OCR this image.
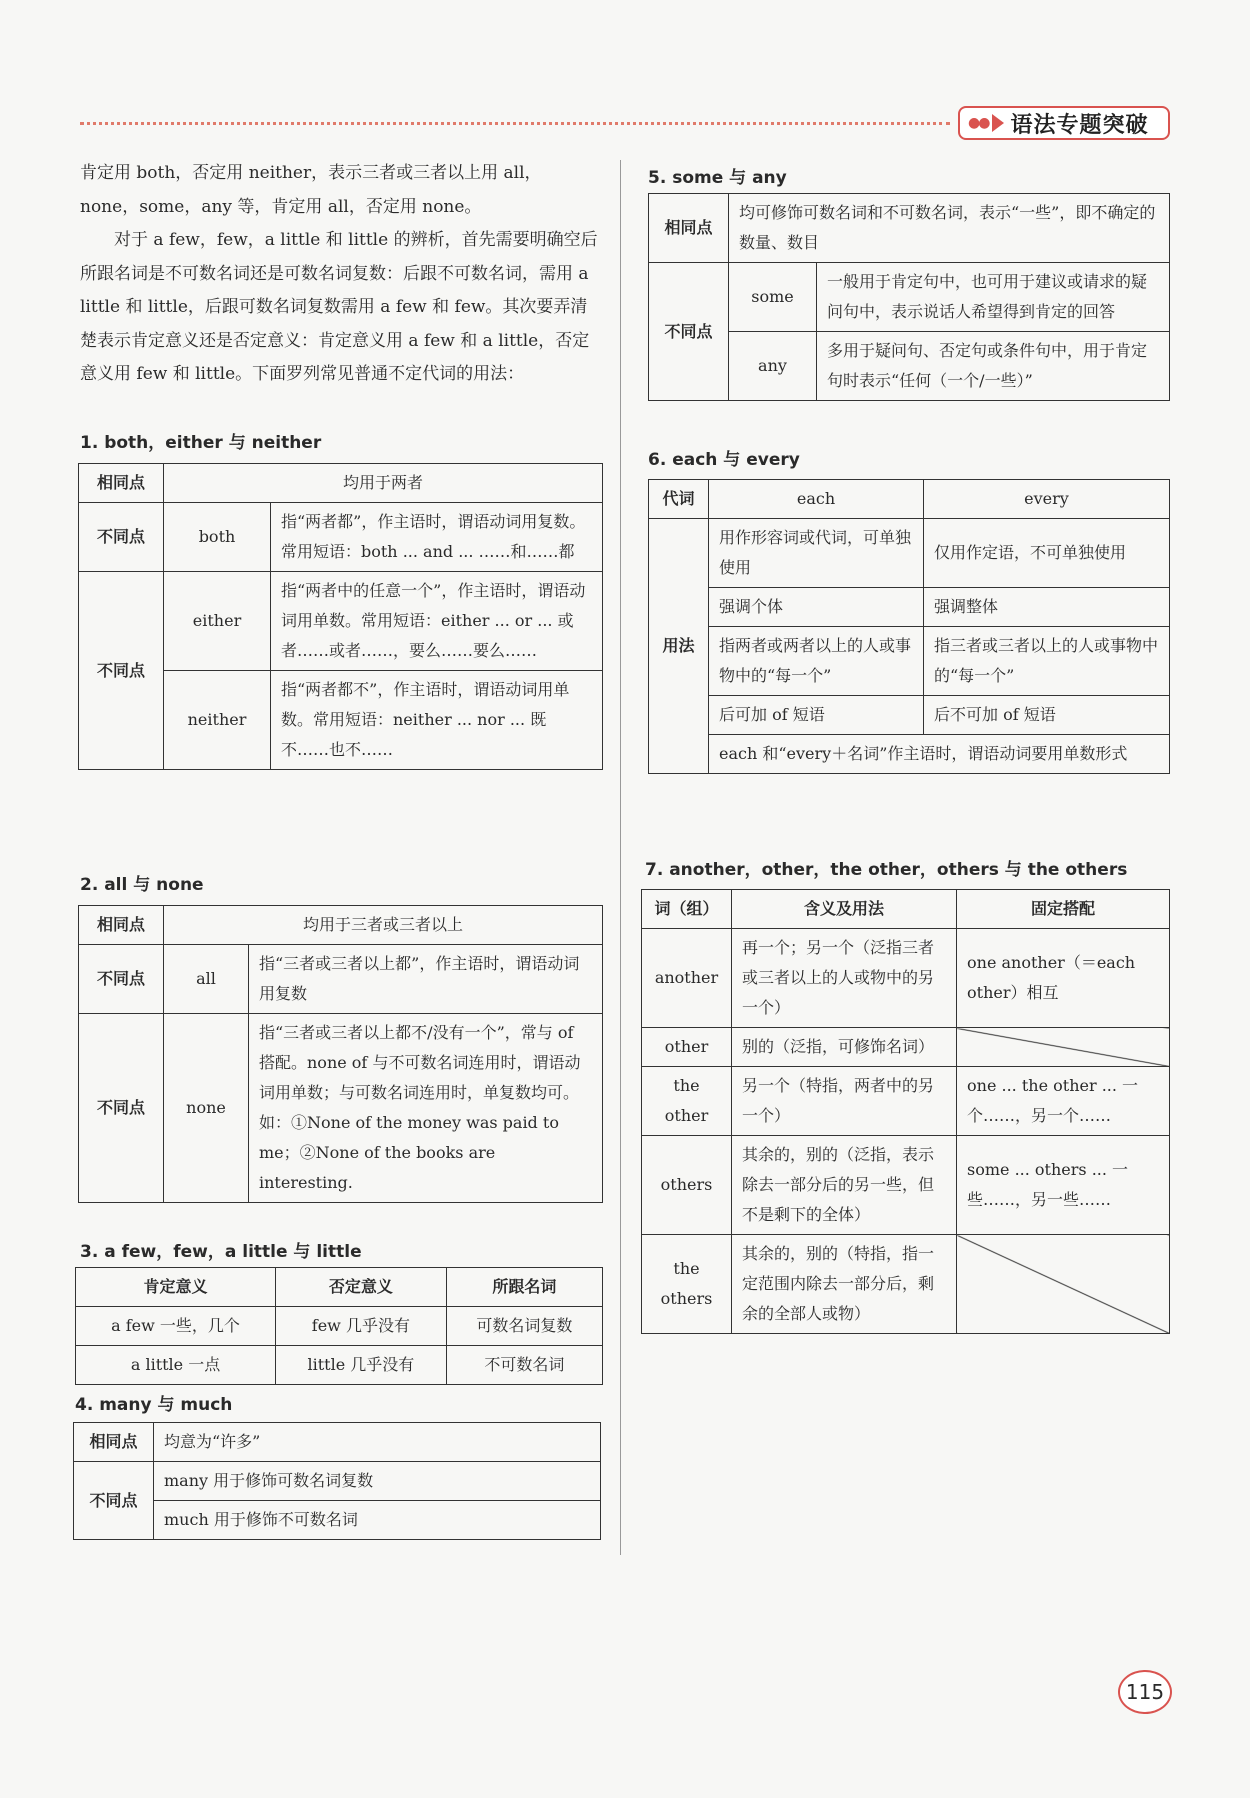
●● 语法专题突破

肯定用 both，否定用 neither，表示三者或三者以上用 all，none，some，any 等，肯定用 all，否定用 none。

对于 a few，few，a little 和 little 的辨析，首先需要明确空后所跟名词是不可数名词还是可数名词复数：后跟不可数名词，需用 a little 和 little，后跟可数名词复数需用 a few 和 few。其次要弄清楚表示肯定意义还是否定意义：肯定意义用 a few 和 a little，否定意义用 few 和 little。下面罗列常见普通不定代词的用法：

1. both，either 与 neither
相同点	均用于两者	
不同点	both	指“两者都”，作主语时，谓语动词用复数。常用短语：both ... and ... ……和……都
不同点	either	指“两者中的任意一个”，作主语时，谓语动词用单数。常用短语：either ... or ... 或者……或者……，要么……要么……
	neither	指“两者都不”，作主语时，谓语动词用单数。常用短语：neither ... nor ... 既不……也不……
2. all 与 none
相同点	均用于三者或三者以上	
不同点	all	指“三者或三者以上都”，作主语时，谓语动词用复数
不同点	none	指“三者或三者以上都不/没有一个”，常与 of 搭配。none of 与不可数名词连用时，谓语动词用单数；与可数名词连用时，单复数均可。如：①None of the money was paid to me；②None of the books are interesting.
3. a few，few，a little 与 little
肯定意义	否定意义	所跟名词
a few 一些，几个	few 几乎没有	可数名词复数
a little 一点	little 几乎没有	不可数名词
4. many 与 much
相同点	均意为“许多”
不同点	many 用于修饰可数名词复数
	much 用于修饰不可数名词
5. some 与 any
相同点	均可修饰可数名词和不可数名词，表示“一些”，即不确定的数量、数目	
不同点	some	一般用于肯定句中，也可用于建议或请求的疑问句中，表示说话人希望得到肯定的回答
	any	多用于疑问句、否定句或条件句中，用于肯定句时表示“任何（一个/一些）”
6. each 与 every
代词	each	every
用法	用作形容词或代词，可单独使用	仅用作定语，不可单独使用
	强调个体	强调整体
	指两者或两者以上的人或事物中的“每一个”	指三者或三者以上的人或事物中的“每一个”
	后可加 of 短语	后不可加 of 短语
	each 和“every＋名词”作主语时，谓语动词要用单数形式	
7. another，other，the other，others 与 the others
词（组）	含义及用法	固定搭配
another	再一个；另一个（泛指三者或三者以上的人或物中的另一个）	one another（＝each other）相互
other	别的（泛指，可修饰名词）	
the other	另一个（特指，两者中的另一个）	one ... the other ... 一个……，另一个……
others	其余的，别的（泛指，表示除去一部分后的另一些，但不是剩下的全体）	some ... others ... 一些……，另一些……
the others	其余的，别的（特指，指一定范围内除去一部分后，剩余的全部人或物）	
115
